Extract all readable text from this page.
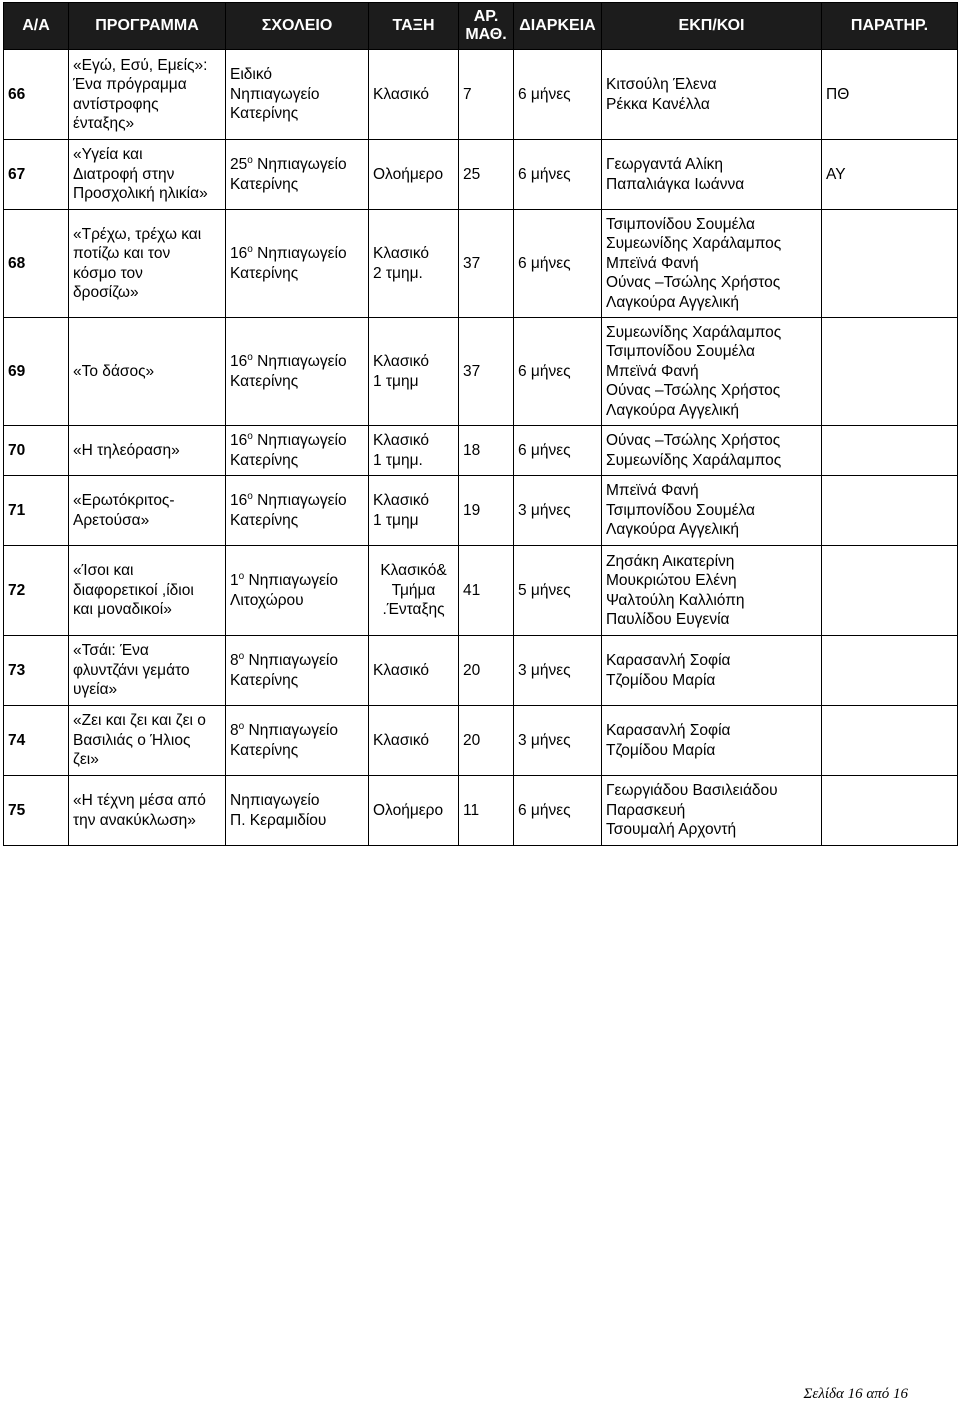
Α/Α	ΠΡΟΓΡΑΜΜΑ	ΣΧΟΛΕΙΟ	ΤΑΞΗ	ΑΡ. ΜΑΘ.	ΔΙΑΡΚΕΙΑ	ΕΚΠ/ΚΟΙ	ΠΑΡΑΤΗΡ.
66	«Εγώ, Εσύ, Εμείς»:
Ένα πρόγραμμα
αντίστροφης
ένταξης»	Ειδικό
Νηπιαγωγείο
Κατερίνης	Κλασικό	7	6 μήνες	Κιτσούλη Έλενα
Ρέκκα Κανέλλα	ΠΘ
67	«Υγεία και
Διατροφή στην
Προσχολική ηλικία»	$25^o$ Νηπιαγωγείο
Κατερίνης	Ολοήμερο	25	6 μήνες	Γεωργαντά Αλίκη
Παπαλιάγκα Ιωάννα	ΑΥ
68	«Τρέχω, τρέχω και
ποτίζω και τον
κόσμο τον
δροσίζω»	$16^o$ Νηπιαγωγείο
Κατερίνης	Κλασικό
2 τμημ.	37	6 μήνες	Τσιμπονίδου Σουμέλα
Συμεωνίδης Χαράλαμπος
Μπεϊνά Φανή
Ούνας –Τσώλης Χρήστος
Λαγκούρα Αγγελική	
69	«Το δάσος»	$16^o$ Νηπιαγωγείο
Κατερίνης	Κλασικό
1 τμημ	37	6 μήνες	Συμεωνίδης Χαράλαμπος
Τσιμπονίδου Σουμέλα
Μπεϊνά Φανή
Ούνας –Τσώλης Χρήστος
Λαγκούρα Αγγελική	
70	«Η τηλεόραση»	$16^o$ Νηπιαγωγείο
Κατερίνης	Κλασικό
1 τμημ.	18	6 μήνες	Ούνας –Τσώλης Χρήστος
Συμεωνίδης Χαράλαμπος	
71	«Ερωτόκριτος-
Αρετούσα»	$16^o$ Νηπιαγωγείο
Κατερίνης	Κλασικό
1 τμημ	19	3 μήνες	Μπεϊνά Φανή
Τσιμπονίδου Σουμέλα
Λαγκούρα Αγγελική	
72	«Ίσοι και
διαφορετικοί ,ίδιοι
και μοναδικοί»	$1^o$ Νηπιαγωγείο
Λιτοχώρου	Κλασικό&
Τμήμα
.Ένταξης	41	5 μήνες	Ζησάκη Αικατερίνη
Μουκριώτου Ελένη
Ψαλτούλη Καλλιόπη
Παυλίδου Ευγενία	
73	«Τσάι: Ένα
φλυντζάνι γεμάτο
υγεία»	$8^o$ Νηπιαγωγείο
Κατερίνης	Κλασικό	20	3 μήνες	Καρασανλή Σοφία
Τζομίδου Μαρία	
74	«Ζει και ζει και ζει ο
Βασιλιάς ο Ήλιος
ζει»	$8^o$ Νηπιαγωγείο
Κατερίνης	Κλασικό	20	3 μήνες	Καρασανλή Σοφία
Τζομίδου Μαρία	
75	«Η τέχνη μέσα από
την ανακύκλωση»	Νηπιαγωγείο
Π. Κεραμιδίου	Ολοήμερο	11	6 μήνες	Γεωργιάδου Βασιλειάδου
Παρασκευή
Τσουμαλή Αρχοντή	
Σελίδα 16 από 16
